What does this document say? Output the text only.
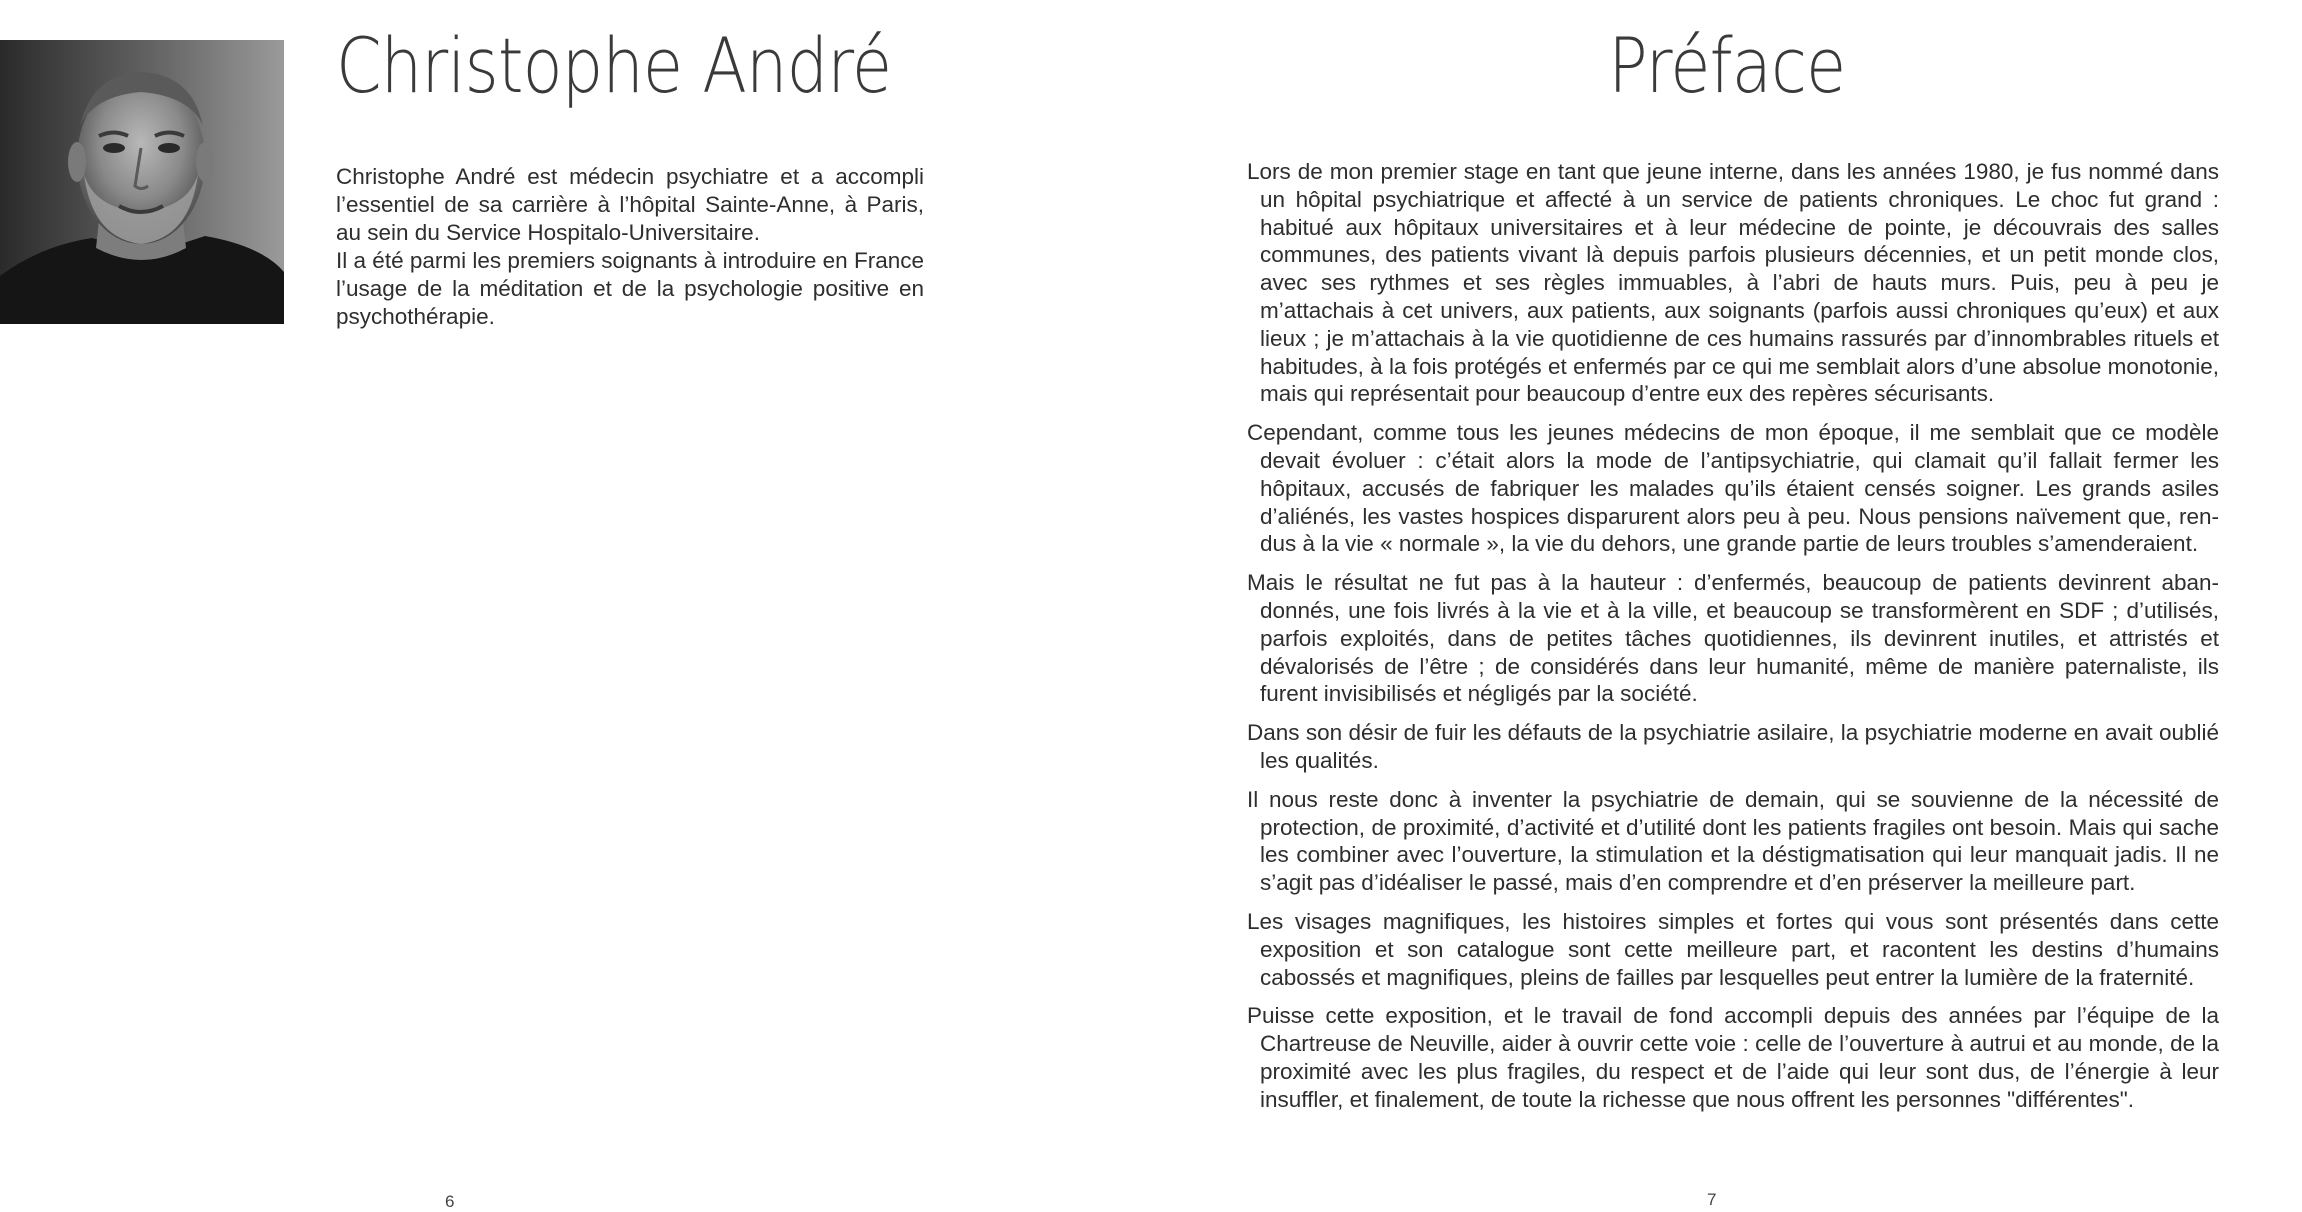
Christophe André

Christophe André est médecin psychiatre et a accompli l’essentiel de sa carrière à l’hôpital Sainte-Anne, à Paris, au sein du Service Hospitalo-Universitaire.

Il a été parmi les premiers soignants à introduire en France l’usage de la méditation et de la psychologie positive en psychothérapie.

6
Préface

Lors de mon premier stage en tant que jeune interne, dans les années 1980, je fus nommé dans un hôpital psychiatrique et affecté à un service de patients chroniques. Le choc fut grand : habitué aux hôpitaux universitaires et à leur médecine de pointe, je découvrais des salles communes, des patients vivant là depuis parfois plusieurs décennies, et un petit monde clos, avec ses rythmes et ses règles immuables, à l’abri de hauts murs. Puis, peu à peu je m’attachais à cet univers, aux patients, aux soignants (parfois aussi chroniques qu’eux) et aux lieux ; je m’attachais à la vie quotidienne de ces humains rassurés par d’innombrables rituels et habitudes, à la fois protégés et enfermés par ce qui me semblait alors d’une absolue monotonie, mais qui représentait pour beaucoup d’entre eux des repères sécurisants.

Cependant, comme tous les jeunes médecins de mon époque, il me semblait que ce modèle devait évoluer : c’était alors la mode de l’antipsychiatrie, qui clamait qu’il fallait fermer les hôpitaux, accusés de fabriquer les malades qu’ils étaient censés soigner. Les grands asiles d’aliénés, les vastes hospices disparurent alors peu à peu. Nous pensions naïvement que, ren- dus à la vie « normale », la vie du dehors, une grande partie de leurs troubles s’amenderaient.

Mais le résultat ne fut pas à la hauteur : d’enfermés, beaucoup de patients devinrent aban- donnés, une fois livrés à la vie et à la ville, et beaucoup se transformèrent en SDF ; d’utilisés, parfois exploités, dans de petites tâches quotidiennes, ils devinrent inutiles, et attristés et dévalorisés de l’être ; de considérés dans leur humanité, même de manière paternaliste, ils furent invisibilisés et négligés par la société.

Dans son désir de fuir les défauts de la psychiatrie asilaire, la psychiatrie moderne en avait oublié les qualités.

Il nous reste donc à inventer la psychiatrie de demain, qui se souvienne de la nécessité de protection, de proximité, d’activité et d’utilité dont les patients fragiles ont besoin. Mais qui sache les combiner avec l’ouverture, la stimulation et la déstigmatisation qui leur manquait jadis. Il ne s’agit pas d’idéaliser le passé, mais d’en comprendre et d’en préserver la meilleure part.

Les visages magnifiques, les histoires simples et fortes qui vous sont présentés dans cette exposition et son catalogue sont cette meilleure part, et racontent les destins d’humains cabossés et magnifiques, pleins de failles par lesquelles peut entrer la lumière de la fraternité.

Puisse cette exposition, et le travail de fond accompli depuis des années par l’équipe de la Chartreuse de Neuville, aider à ouvrir cette voie : celle de l’ouverture à autrui et au monde, de la proximité avec les plus fragiles, du respect et de l’aide qui leur sont dus, de l’énergie à leur insuffler, et finalement, de toute la richesse que nous offrent les personnes "différentes".

7
